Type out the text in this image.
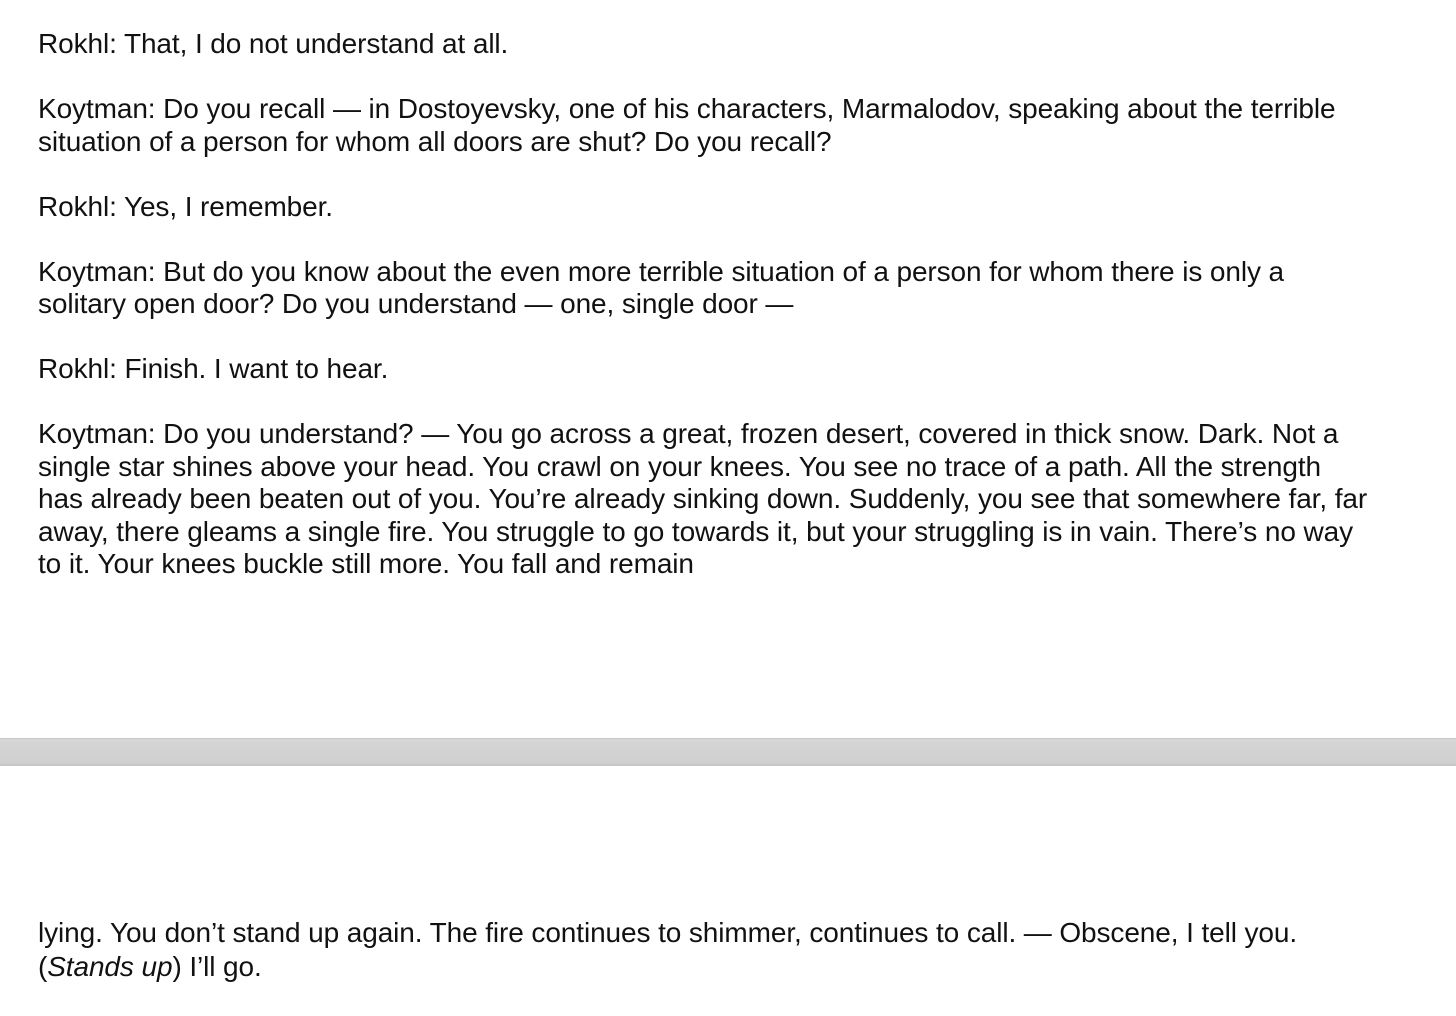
Rokhl : That, I do not understand at all.

Koytman : Do you recall — in Dostoyevsky, one of his characters, Marmalodov, speaking about the terrible situation of a person for whom all doors are shut? Do you recall?

Rokhl : Yes, I remember.

Koytman : But do you know about the even more terrible situation of a person for whom there is only a solitary open door? Do you understand — one, single door —

Rokhl : Finish. I want to hear.

Koytman : Do you understand? — You go across a great, frozen desert, covered in thick snow. Dark. Not a single star shines above your head. You crawl on your knees. You see no trace of a path. All the strength has already been beaten out of you. You’re already sinking down. Suddenly, you see that somewhere far, far away, there gleams a single fire. You struggle to go towards it, but your struggling is in vain. There’s no way to it. Your knees buckle still more. You fall and remain

lying. You don’t stand up again. The fire continues to shimmer, continues to call. — Obscene, I tell you. (Stands up) I’ll go.
